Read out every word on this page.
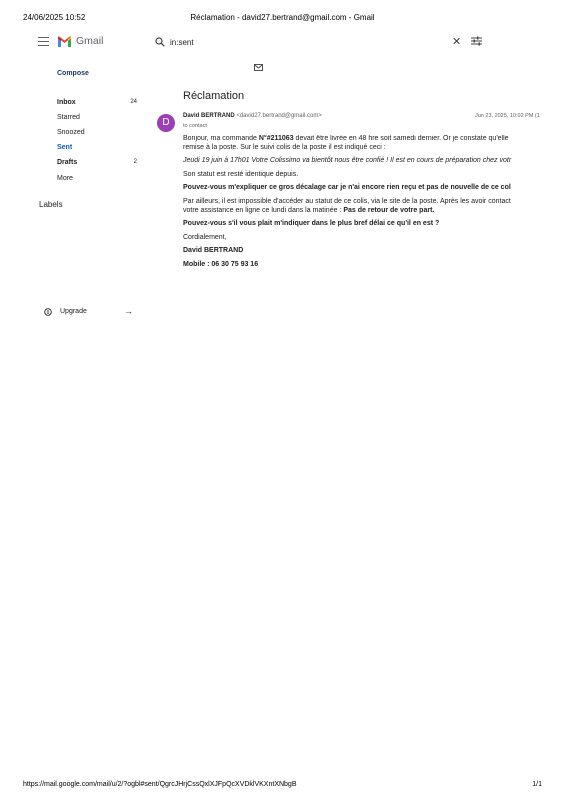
24/06/2025 10:52	Réclamation - david27.bertrand@gmail.com - Gmail
Gmail	in:sent	✕
Compose
Inbox	24
Starred
Snoozed
Sent
Drafts	2
More
Labels
Upgrade	→
Réclamation
D
David BERTRAND <david27.bertrand@gmail.com>
to contact
Jun 23, 2025, 10:02 PM (1

Bonjour, ma commande N°#211063 devait être livrée en 48 hre soit samedi dernier. Or je constate qu'elle
remise à la poste. Sur le suivi colis de la poste il est indiqué ceci :

Jeudi 19 juin à 17h01 Votre Colissimo va bientôt nous être confié ! Il est en cours de préparation chez votr

Son statut est resté identique depuis.

Pouvez-vous m'expliquer ce gros décalage car je n'ai encore rien reçu et pas de nouvelle de ce col

Par ailleurs, il est impossible d'accéder au statut de ce colis, via le site de la poste. Après les avoir contact
votre assistance en ligne ce lundi dans la matinée : Pas de retour de votre part.

Pouvez-vous s'il vous plait m'indiquer dans le plus bref délai ce qu'il en est ?

Cordialement,

David BERTRAND

Mobile : 06 30 75 93 16

https://mail.google.com/mail/u/2/?ogbl#sent/QgrcJHrjCssQxlXJFpQcXVDklVKXntXNbgB	1/1
